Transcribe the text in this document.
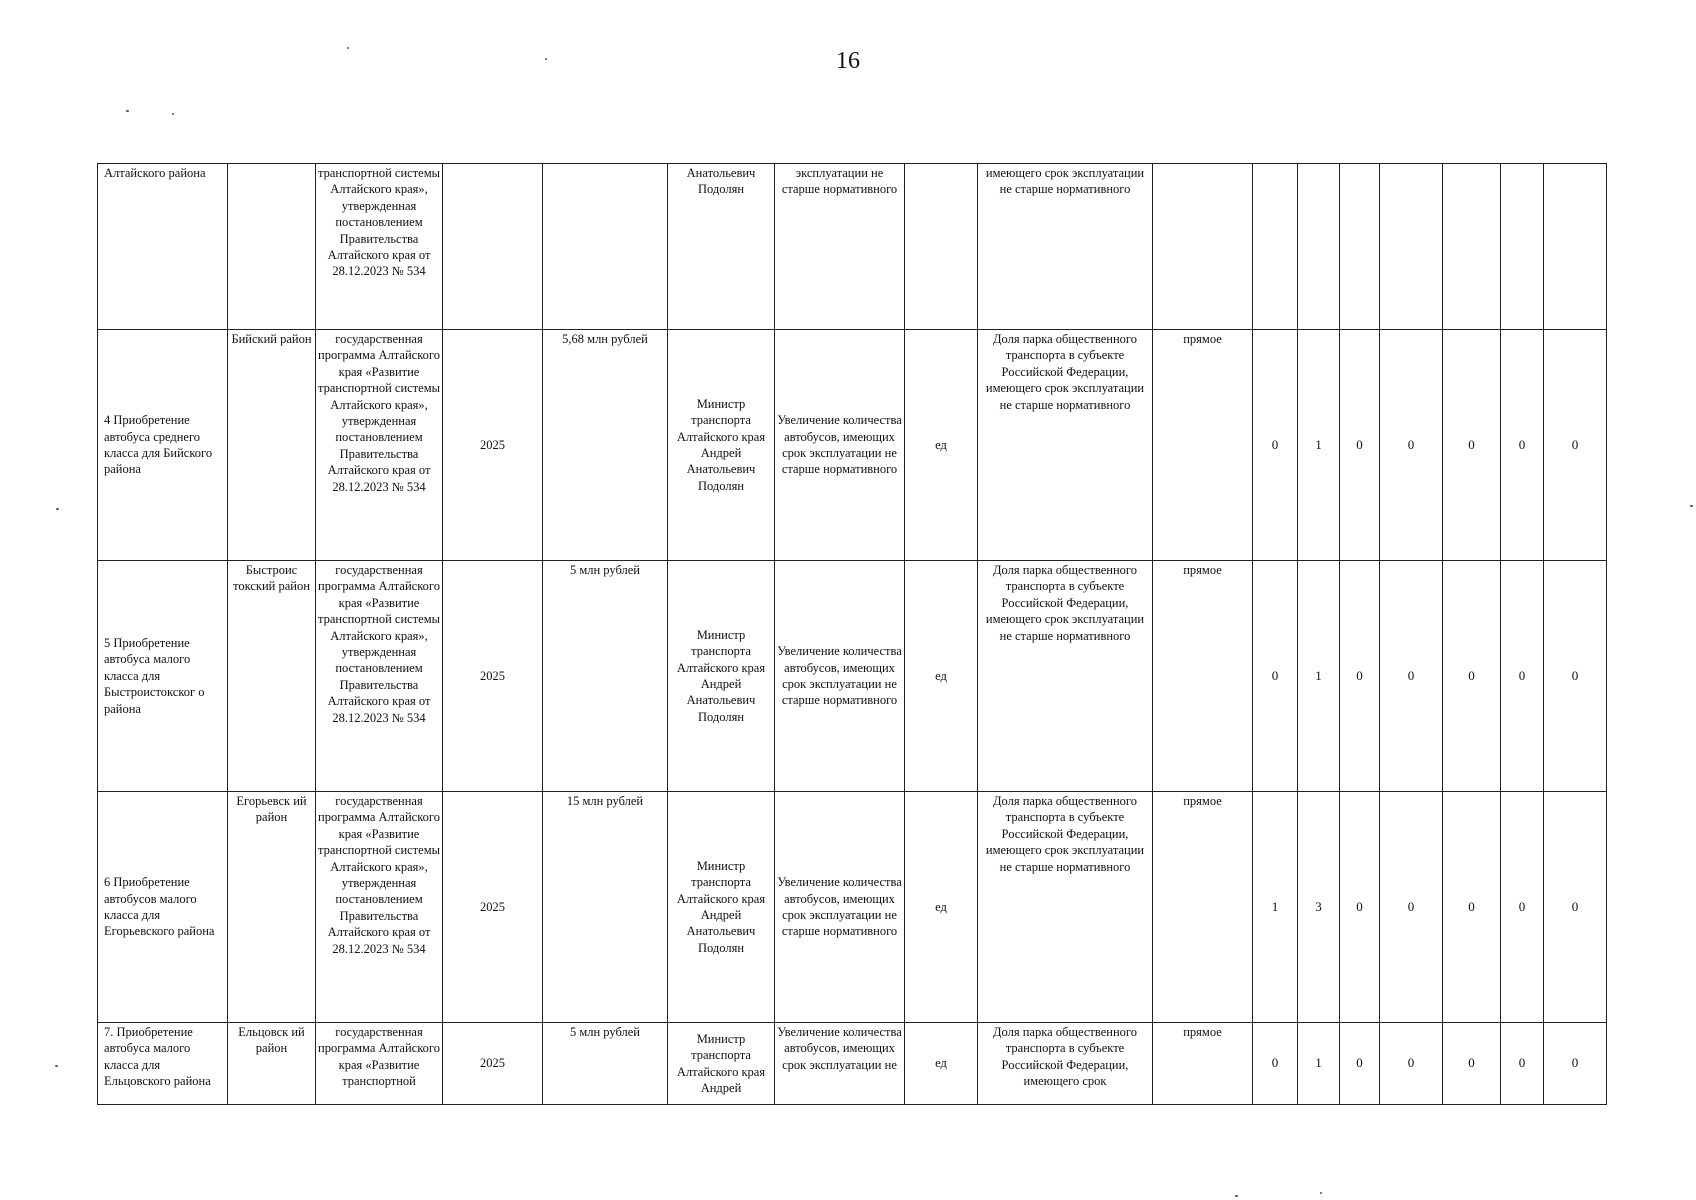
16
Алтайского района		транспортной системы Алтайского края», утвержденная постановлением Правительства Алтайского края от 28.12.2023 № 534			Анатольевич Подолян	эксплуатации не старше нормативного		имеющего срок эксплуатации не старше нормативного								
4 Приобретение автобуса среднего класса для Бийского района	Бийский район	государственная программа Алтайского края «Развитие транспортной системы Алтайского края», утвержденная постановлением Правительства Алтайского края от 28.12.2023 № 534	2025	5,68 млн рублей	Министр транспорта Алтайского края Андрей Анатольевич Подолян	Увеличение количества автобусов, имеющих срок эксплуатации не старше нормативного	ед	Доля парка общественного транспорта в субъекте Российской Федерации, имеющего срок эксплуатации не старше нормативного	прямое	0	1	0	0	0	0	0
5 Приобретение автобуса малого класса для Быстроистокског о района	Быстроис токский район	государственная программа Алтайского края «Развитие транспортной системы Алтайского края», утвержденная постановлением Правительства Алтайского края от 28.12.2023 № 534	2025	5 млн рублей	Министр транспорта Алтайского края Андрей Анатольевич Подолян	Увеличение количества автобусов, имеющих срок эксплуатации не старше нормативного	ед	Доля парка общественного транспорта в субъекте Российской Федерации, имеющего срок эксплуатации не старше нормативного	прямое	0	1	0	0	0	0	0
6 Приобретение автобусов малого класса для Егорьевского района	Егорьевск ий район	государственная программа Алтайского края «Развитие транспортной системы Алтайского края», утвержденная постановлением Правительства Алтайского края от 28.12.2023 № 534	2025	15 млн рублей	Министр транспорта Алтайского края Андрей Анатольевич Подолян	Увеличение количества автобусов, имеющих срок эксплуатации не старше нормативного	ед	Доля парка общественного транспорта в субъекте Российской Федерации, имеющего срок эксплуатации не старше нормативного	прямое	1	3	0	0	0	0	0
7. Приобретение автобуса малого класса для Ельцовского района	Ельцовск ий район	государственная программа Алтайского края «Развитие транспортной	2025	5 млн рублей	Министр транспорта Алтайского края Андрей	Увеличение количества автобусов, имеющих срок эксплуатации не	ед	Доля парка общественного транспорта в субъекте Российской Федерации, имеющего срок	прямое	0	1	0	0	0	0	0
